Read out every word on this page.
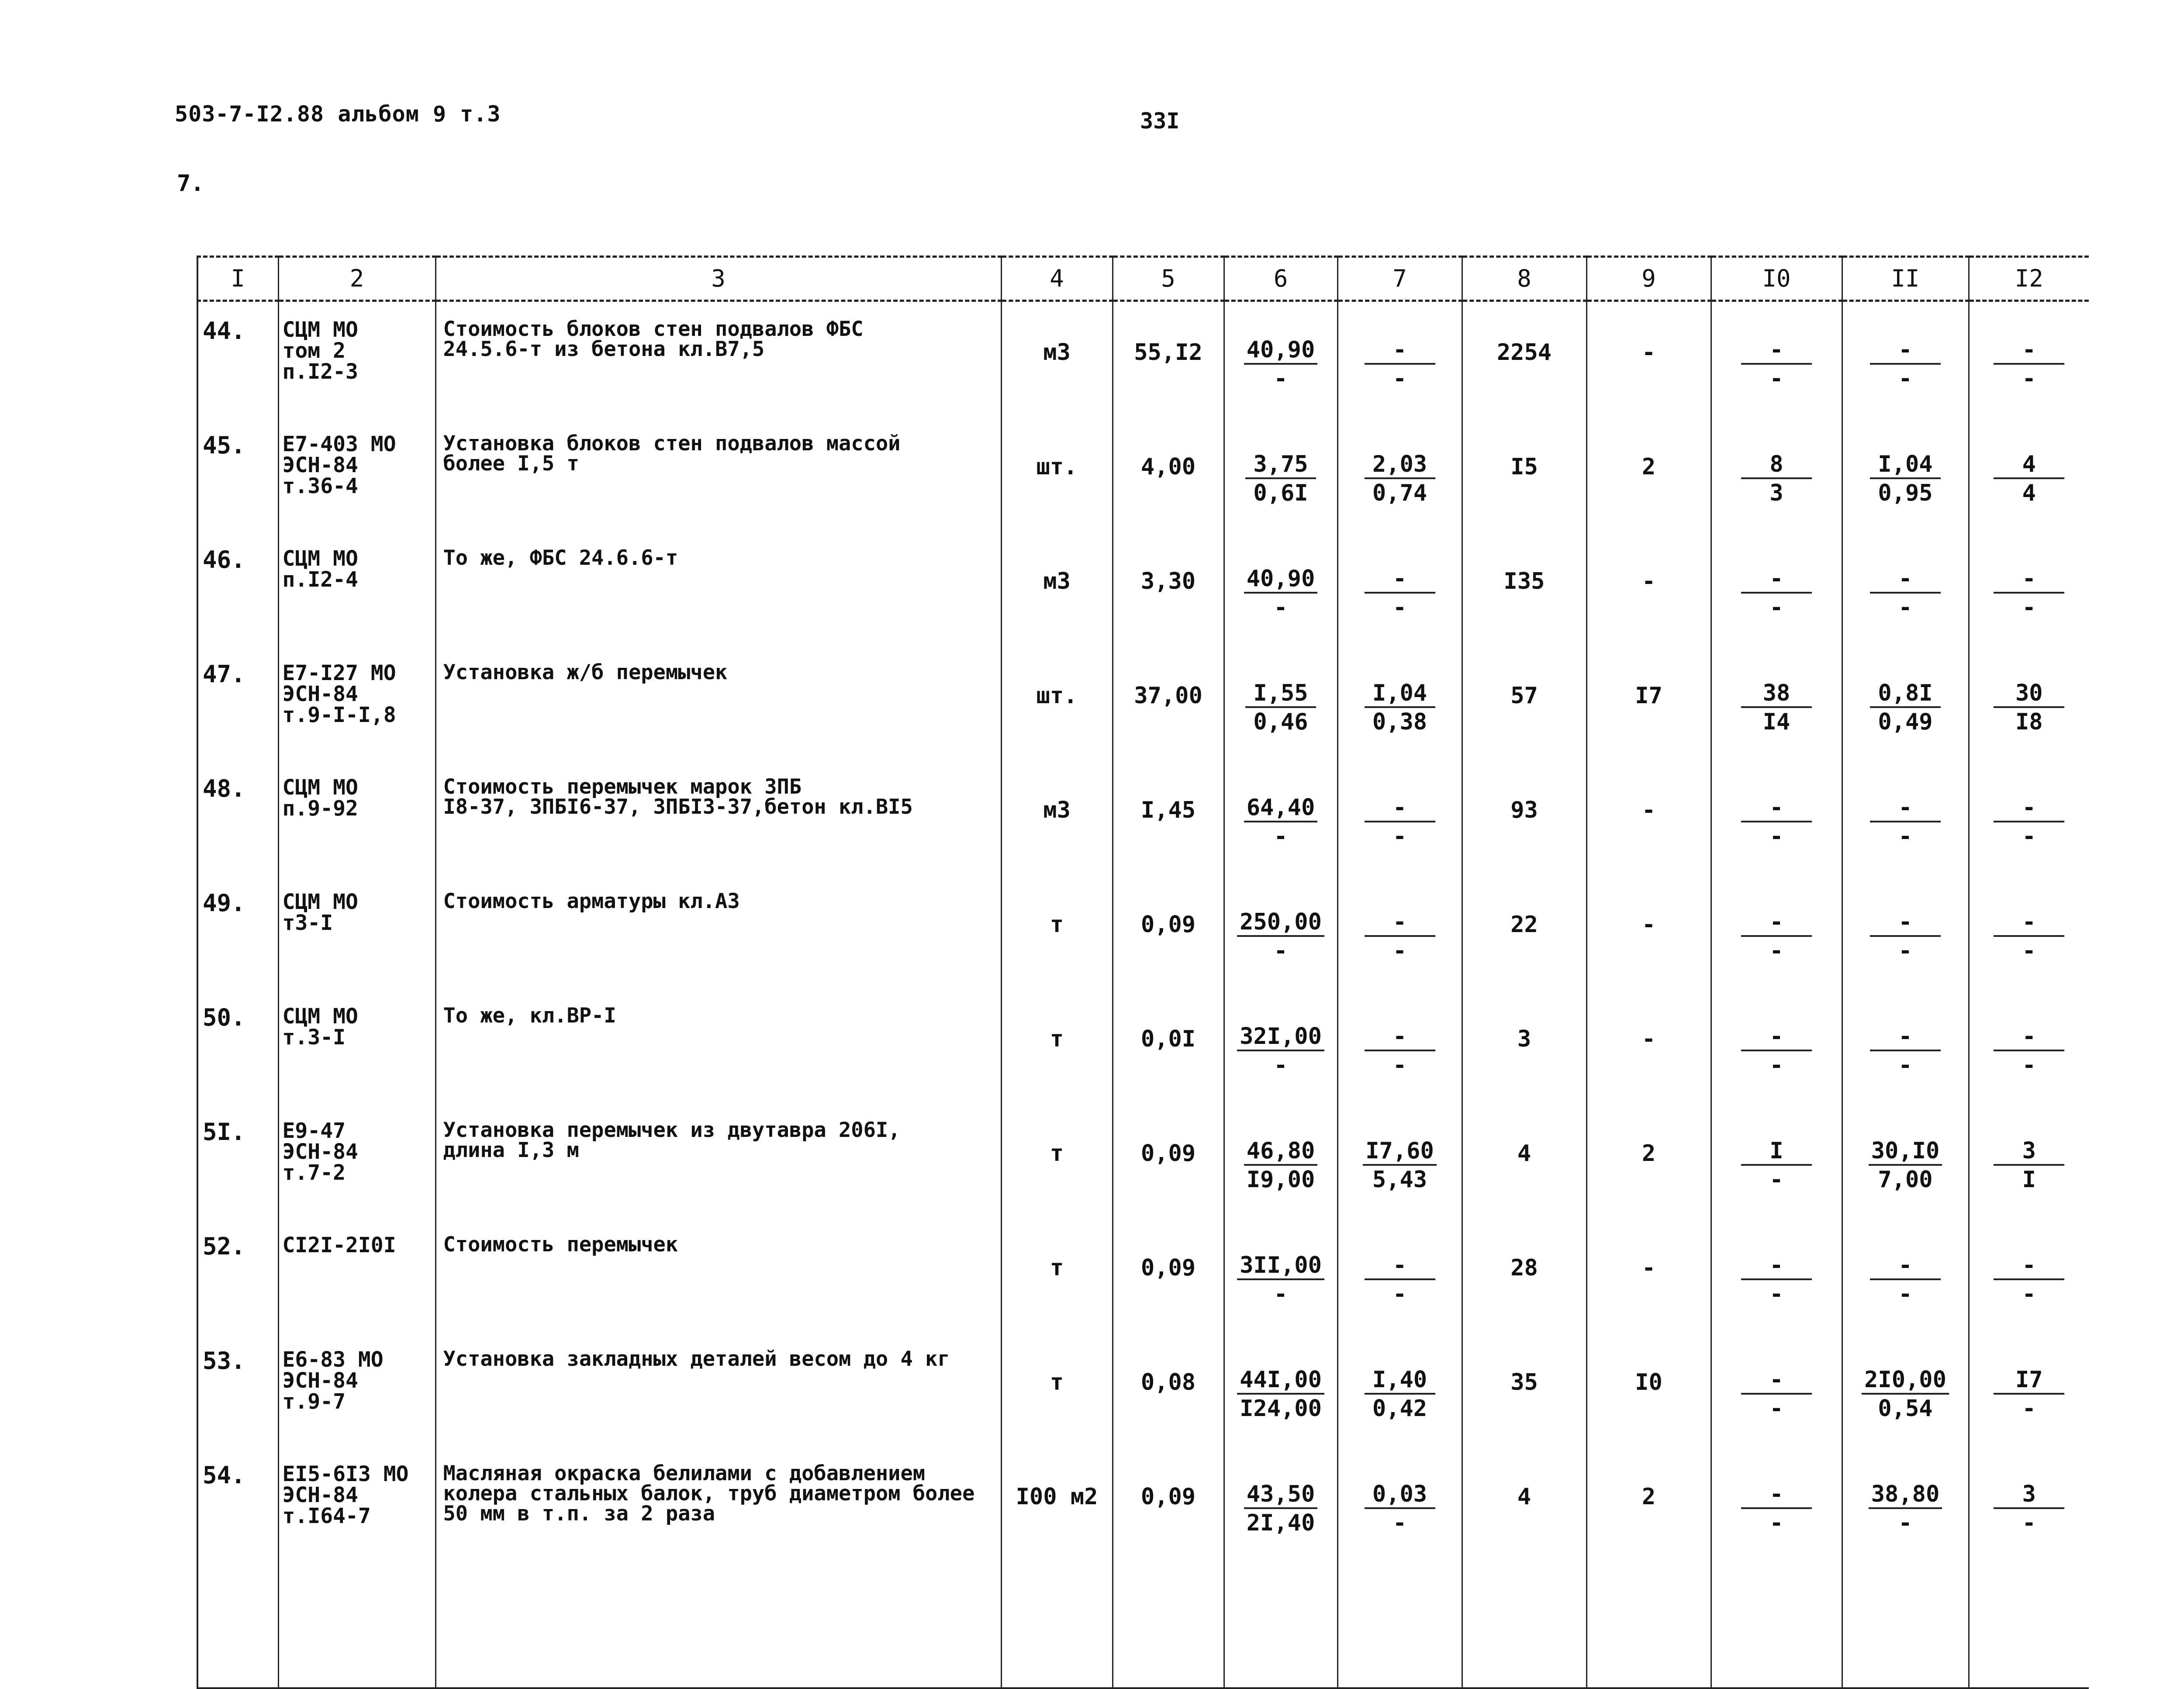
503-7-I2.88 альбом 9 т.3	33I
7.
I	2	3	4	5	6	7	8	9	I0	II	I2

44.	СЦМ МО
том 2
п.I2-3	Стоимость блоков стен подвалов ФБС
24.5.6-т из бетона кл.В7,5	м3	55,I2	$\frac{40,90}{-}$	$\frac{-}{-}$	2254	-	$\frac{-}{-}$	$\frac{-}{-}$	$\frac{-}{-}$

45.	Е7-403 МО
ЭСН-84
т.36-4	Установка блоков стен подвалов массой
более I,5 т	шт.	4,00	$\frac{3,75}{0,6I}$	$\frac{2,03}{0,74}$	I5	2	$\frac{8}{3}$	$\frac{I,04}{0,95}$	$\frac{4}{4}$

46.	СЦМ МО
п.I2-4	То же, ФБС 24.6.6-т	м3	3,30	$\frac{40,90}{-}$	$\frac{-}{-}$	I35	-	$\frac{-}{-}$	$\frac{-}{-}$	$\frac{-}{-}$

47.	Е7-I27 МО
ЭСН-84
т.9-I-I,8	Установка ж/б перемычек	шт.	37,00	$\frac{I,55}{0,46}$	$\frac{I,04}{0,38}$	57	I7	$\frac{38}{I4}$	$\frac{0,8I}{0,49}$	$\frac{30}{I8}$

48.	СЦМ МО
п.9-92	Стоимость перемычек марок ЗПБ
I8-37, ЗПБI6-37, ЗПБI3-37,бетон кл.ВI5	м3	I,45	$\frac{64,40}{-}$	$\frac{-}{-}$	93	-	$\frac{-}{-}$	$\frac{-}{-}$	$\frac{-}{-}$

49.	СЦМ МО
т3-I	Стоимость арматуры кл.А3	т	0,09	$\frac{250,00}{-}$	$\frac{-}{-}$	22	-	$\frac{-}{-}$	$\frac{-}{-}$	$\frac{-}{-}$

50.	СЦМ МО
т.3-I	То же, кл.ВР-I	т	0,0I	$\frac{32I,00}{-}$	$\frac{-}{-}$	3	-	$\frac{-}{-}$	$\frac{-}{-}$	$\frac{-}{-}$

5I.	Е9-47
ЭСН-84
т.7-2	Установка перемычек из двутавра 206I,
длина I,3 м	т	0,09	$\frac{46,80}{I9,00}$	$\frac{I7,60}{5,43}$	4	2	$\frac{I}{-}$	$\frac{30,I0}{7,00}$	$\frac{3}{I}$

52.	CI2I-2I0I	Стоимость перемычек	т	0,09	$\frac{3II,00}{-}$	$\frac{-}{-}$	28	-	$\frac{-}{-}$	$\frac{-}{-}$	$\frac{-}{-}$

53.	Е6-83 МО
ЭСН-84
т.9-7	Установка закладных деталей весом до 4 кг	т	0,08	$\frac{44I,00}{I24,00}$	$\frac{I,40}{0,42}$	35	I0	$\frac{-}{-}$	$\frac{2I0,00}{0,54}$	$\frac{I7}{-}$

54.	ЕI5-6I3 МО
ЭСН-84
т.I64-7	Масляная окраска белилами с добавлением
колера стальных балок, труб диаметром более
50 мм в т.п. за 2 раза	I00 м2	0,09	$\frac{43,50}{2I,40}$	$\frac{0,03}{-}$	4	2	$\frac{-}{-}$	$\frac{38,80}{-}$	$\frac{3}{-}$
